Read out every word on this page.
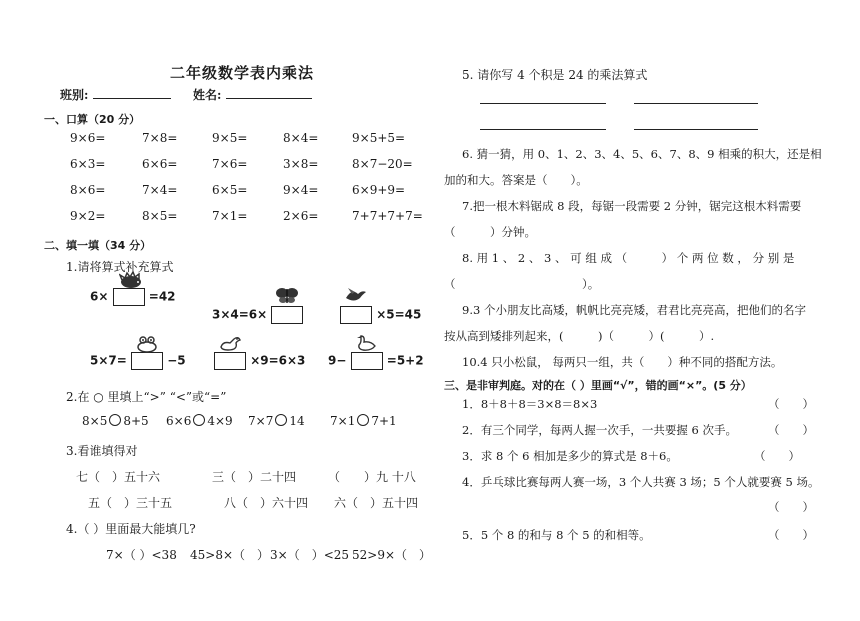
二年级数学表内乘法
班别:	姓名:
一、口算（20 分）
9×6=	7×8=	9×5=	8×4=	9×5+5=
6×3=	6×6=	7×6=	3×8=	8×7−20=
8×6=	7×4=	6×5=	9×4=	6×9+9=
9×2=	8×5=	7×1=	2×6=	7+7+7+7=
二、填一填（34 分）
1.请将算式补充算式
6×	=42
3×4=6×	×5=45
5×7=	−5	×9=6×3 9−	=5+2
2.在 ○ 里填上“>” “<”或“=”
8×5 8+5 6×6 4×9 7×7 14 7×1 7+1
3.看谁填得对
七（　）五十六	三（　）二十四	（　　）九 十八
五（　）三十五	八（　）六十四 六（　）五十四
4.（ ）里面最大能填几?
7×（ ）<38 45>8×（　） 3×（　）<25 52>9×（　）
5. 请你写 4 个积是 24 的乘法算式
6. 猜一猜，用 0、1、2、3、4、5、6、7、8、9 相乘的积大，还是相
加的和大。答案是（　　）。
7.把一根木料锯成 8 段，每锯一段需要 2 分钟，锯完这根木料需要
（　　　）分钟。
8. 用 1 、 2 、 3 、 可 组 成 （　　　） 个 两 位 数 ， 分 别 是
（　　　　　　　　　　　）。
9.3 个小朋友比高矮，帆帆比亮亮矮，君君比亮亮高，把他们的名字
按从高到矮排列起来，(　　　)（　　　）(　　　）.
10.4 只小松鼠， 每两只一组，共（　　）种不同的搭配方法。
三、是非审判庭。对的在（ ）里画“√”，错的画“×”。(5 分）
1．8＋8＋8＝3×8＝8×3	（　　）
2．有三个同学，每两人握一次手，一共要握 6 次手。	（　　）
3．求 8 个 6 相加是多少的算式是 8＋6。	（　　）
4．乒乓球比赛每两人赛一场，3 个人共赛 3 场；5 个人就要赛 5 场。
（　　）
5．5 个 8 的和与 8 个 5 的和相等。	（　　）
